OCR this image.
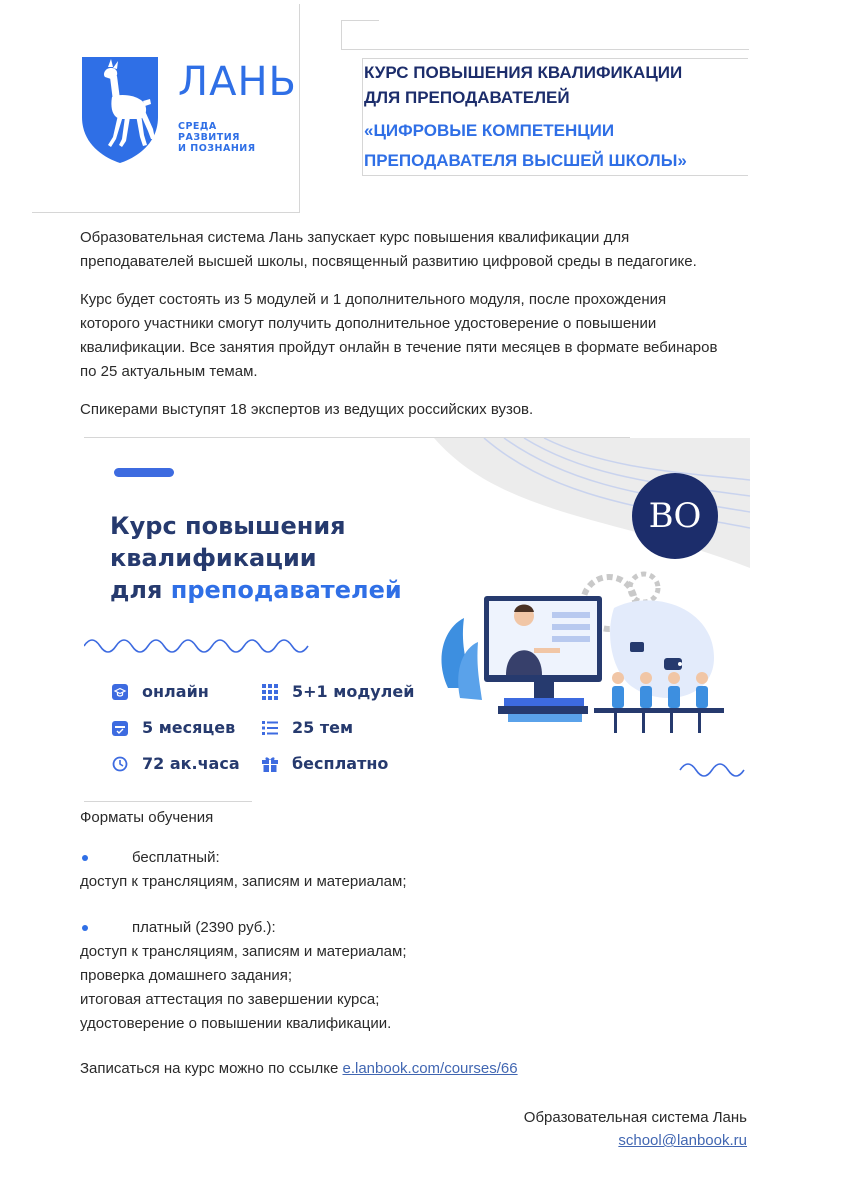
ЛАНЬ
СРЕДА
РАЗВИТИЯ
И ПОЗНАНИЯ
КУРС ПОВЫШЕНИЯ КВАЛИФИКАЦИИ
ДЛЯ ПРЕПОДАВАТЕЛЕЙ
«ЦИФРОВЫЕ КОМПЕТЕНЦИИ
ПРЕПОДАВАТЕЛЯ ВЫСШЕЙ ШКОЛЫ»
Образовательная система Лань запускает курс повышения квалификации для
преподавателей высшей школы, посвященный развитию цифровой среды в педагогике.
Курс будет состоять из 5 модулей и 1 дополнительного модуля, после прохождения
которого участники смогут получить дополнительное удостоверение о повышении
квалификации. Все занятия пройдут онлайн в течение пяти месяцев в формате вебинаров
по 25 актуальным темам.
Спикерами выступят 18 экспертов из ведущих российских вузов.
Курс повышения
квалификации
для преподавателей
ВО
онлайн	5+1 модулей
5 месяцев	25 тем
72 ак.часа	бесплатно
Форматы обучения
бесплатный:
доступ к трансляциям, записям и материалам;
платный (2390 руб.):
доступ к трансляциям, записям и материалам;
проверка домашнего задания;
итоговая аттестация по завершении курса;
удостоверение о повышении квалификации.
Записаться на курс можно по ссылке e.lanbook.com/courses/66
Образовательная система Лань
school@lanbook.ru
